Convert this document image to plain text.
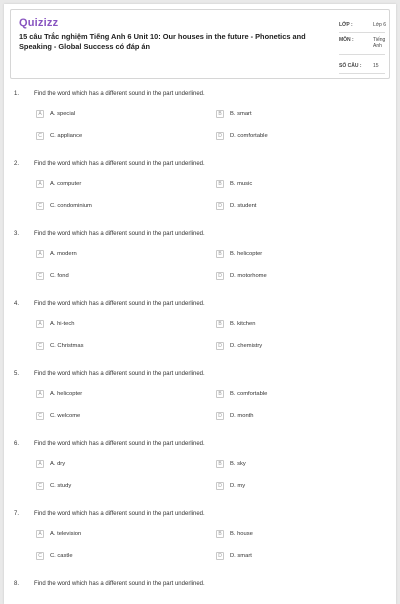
Quizizz
15 câu Trắc nghiệm Tiếng Anh 6 Unit 10: Our houses in the future - Phonetics and Speaking - Global Success có đáp án
LỚP :	Lớp 6
MÔN :	Tiếng Anh
SỐ CÂU : 15
1. Find the word which has a different sound in the part underlined.
A	A. special	B	B. smart
C	C. appliance	D	D. comfortable
2. Find the word which has a different sound in the part underlined.
A	A. computer	B	B. music
C	C. condominium	D	D. student
3. Find the word which has a different sound in the part underlined.
A	A. modern	B	B. helicopter
C	C. fond	D	D. motorhome
4. Find the word which has a different sound in the part underlined.
A	A. hi-tech	B	B. kitchen
C	C. Christmas	D	D. chemistry
5. Find the word which has a different sound in the part underlined.
A	A. helicopter	B	B. comfortable
C	C. welcome	D	D. month
6. Find the word which has a different sound in the part underlined.
A	A. dry	B	B. sky
C	C. study	D	D. my
7. Find the word which has a different sound in the part underlined.
A	A. television	B	B. house
C	C. castle	D	D. smart
8. Find the word which has a different sound in the part underlined.
